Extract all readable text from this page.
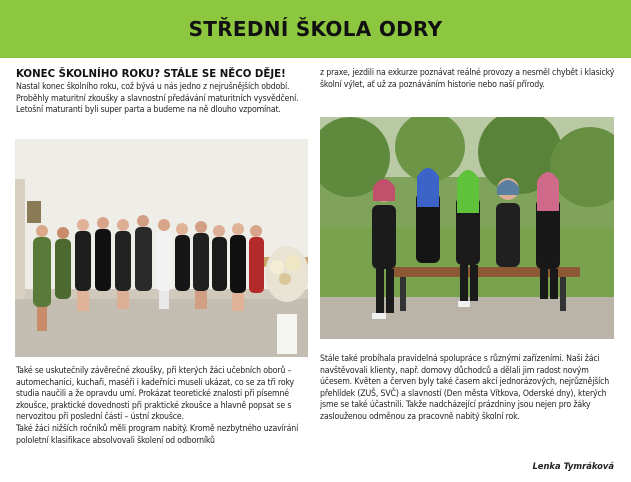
STŘEDNÍ ŠKOLA ODRY
KONEC ŠKOLNÍHO ROKU? STÁLE SE NĚCO DĚJE!

Nastal konec školního roku, což bývá u nás jedno z nejrušnějších období. Proběhly maturitní zkoušky a slavnostní předávání maturitních vysvědčení. Letošní maturanti byli super parta a budeme na ně dlouho vzpomínat.

Také se uskutečnily závěrečné zkoušky, při kterých žáci učebních oborů – automechanici, kuchaři, maséři i kadeřníci museli ukázat, co se za tři roky studia naučili a že opravdu umí. Prokázat teoretické znalosti při písemné zkoušce, praktické dovednosti při praktické zkoušce a hlavně popsat se s nervozitou při poslední části – ústní zkoušce.

Také žáci nižších ročníků měli program nabitý. Kromě nezbytného uzavírání pololetní klasifikace absolvovali školení od odborníků

z praxe, jezdili na exkurze poznávat reálné provozy a nesměl chybět i klasický školní výlet, ať už za poznáváním historie nebo naší přírody.

Stále také probíhala pravidelná spolupráce s různými zařízeními. Naši žáci navštěvovali klienty, např. domovy důchodců a dělali jim radost novým účesem. Květen a červen byly také časem akcí jednorázových, nejrůznějších přehlídek (ZUŠ, SVČ) a slavností (Den města Vítkova, Oderské dny), kterých jsme se také účastnili. Takže nadcházející prázdniny jsou nejen pro žáky zaslouženou odměnou za pracovně nabitý školní rok.

Lenka Tymráková
